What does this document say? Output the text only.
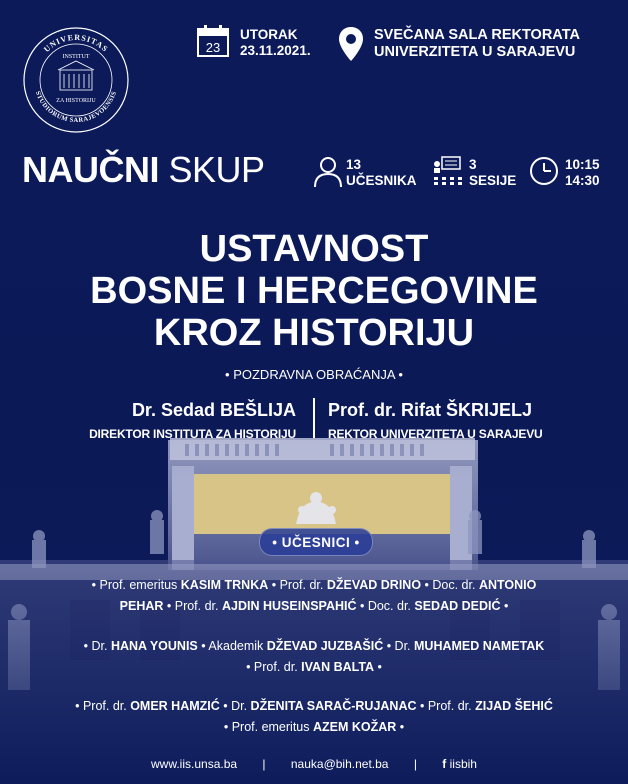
UNIVERSITAS
STUDIORUM SARAJEVOENSIS
INSTITUT
ZA HISTORIJU
23
UTORAK
23.11.2021.
SVEČANA SALA REKTORATA
UNIVERZITETA U SARAJEVU
NAUČNI SKUP	13
UČESNIKA
3
SESIJE
10:15
14:30
USTAVNOST
BOSNE I HERCEGOVINE
KROZ HISTORIJU
• POZDRAVNA OBRAĆANJA •
Dr. Sedad BEŠLIJA
DIREKTOR INSTITUTA ZA HISTORIJU
Prof. dr. Rifat ŠKRIJELJ
REKTOR UNIVERZITETA U SARAJEVU
• UČESNICI •
• Prof. emeritus KASIM TRNKA • Prof. dr. DŽEVAD DRINO • Doc. dr. ANTONIO
PEHAR • Prof. dr. AJDIN HUSEINSPAHIĆ • Doc. dr. SEDAD DEDIĆ •
• Dr. HANA YOUNIS • Akademik DŽEVAD JUZBAŠIĆ • Dr. MUHAMED NAMETAK
• Prof. dr. IVAN BALTA •
• Prof. dr. OMER HAMZIĆ • Dr. DŽENITA SARAČ-RUJANAC • Prof. dr. ZIJAD ŠEHIĆ
• Prof. emeritus AZEM KOŽAR •
www.iis.unsa.ba | nauka@bih.net.ba | f iisbih
